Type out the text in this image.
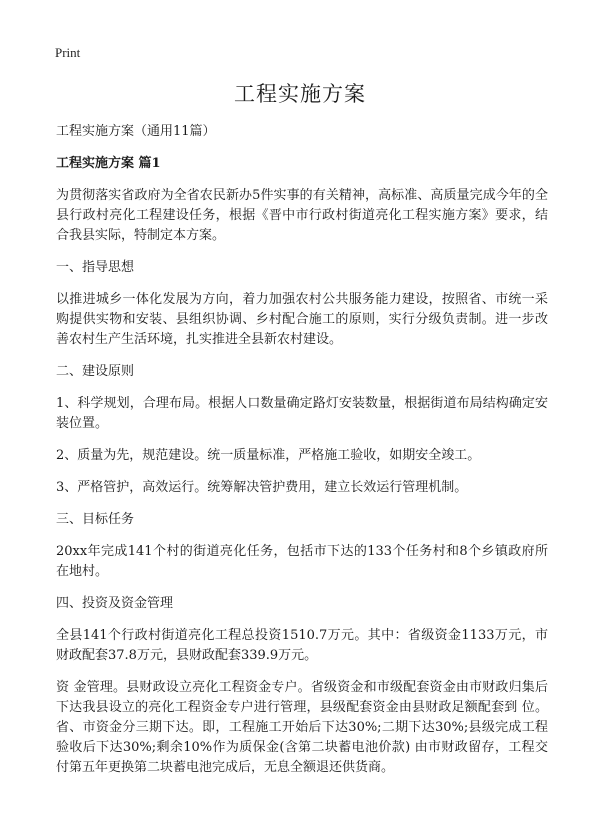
Print
工程实施方案

工程实施方案（通用11篇）

工程实施方案 篇1

为贯彻落实省政府为全省农民新办5件实事的有关精神，高标准、高质量完成今年的全县行政村亮化工程建设任务，根据《晋中市行政村街道亮化工程实施方案》要求，结合我县实际，特制定本方案。

一、指导思想

以推进城乡一体化发展为方向，着力加强农村公共服务能力建设，按照省、市统一采购提供实物和安装、县组织协调、乡村配合施工的原则，实行分级负责制。进一步改善农村生产生活环境，扎实推进全县新农村建设。

二、建设原则

1、科学规划，合理布局。根据人口数量确定路灯安装数量，根据街道布局结构确定安装位置。

2、质量为先，规范建设。统一质量标准，严格施工验收，如期安全竣工。

3、严格管护，高效运行。统筹解决管护费用，建立长效运行管理机制。

三、目标任务

20xx年完成141个村的街道亮化任务，包括市下达的133个任务村和8个乡镇政府所在地村。

四、投资及资金管理

全县141个行政村街道亮化工程总投资1510.7万元。其中：省级资金1133万元，市财政配套37.8万元，县财政配套339.9万元。

资 金管理。县财政设立亮化工程资金专户。省级资金和市级配套资金由市财政归集后下达我县设立的亮化工程资金专户进行管理，县级配套资金由县财政足额配套到 位。省、市资金分三期下达。即，工程施工开始后下达30%;二期下达30%;县级完成工程验收后下达30%;剩余10%作为质保金(含第二块蓄电池价款) 由市财政留存，工程交付第五年更换第二块蓄电池完成后，无息全额退还供货商。
